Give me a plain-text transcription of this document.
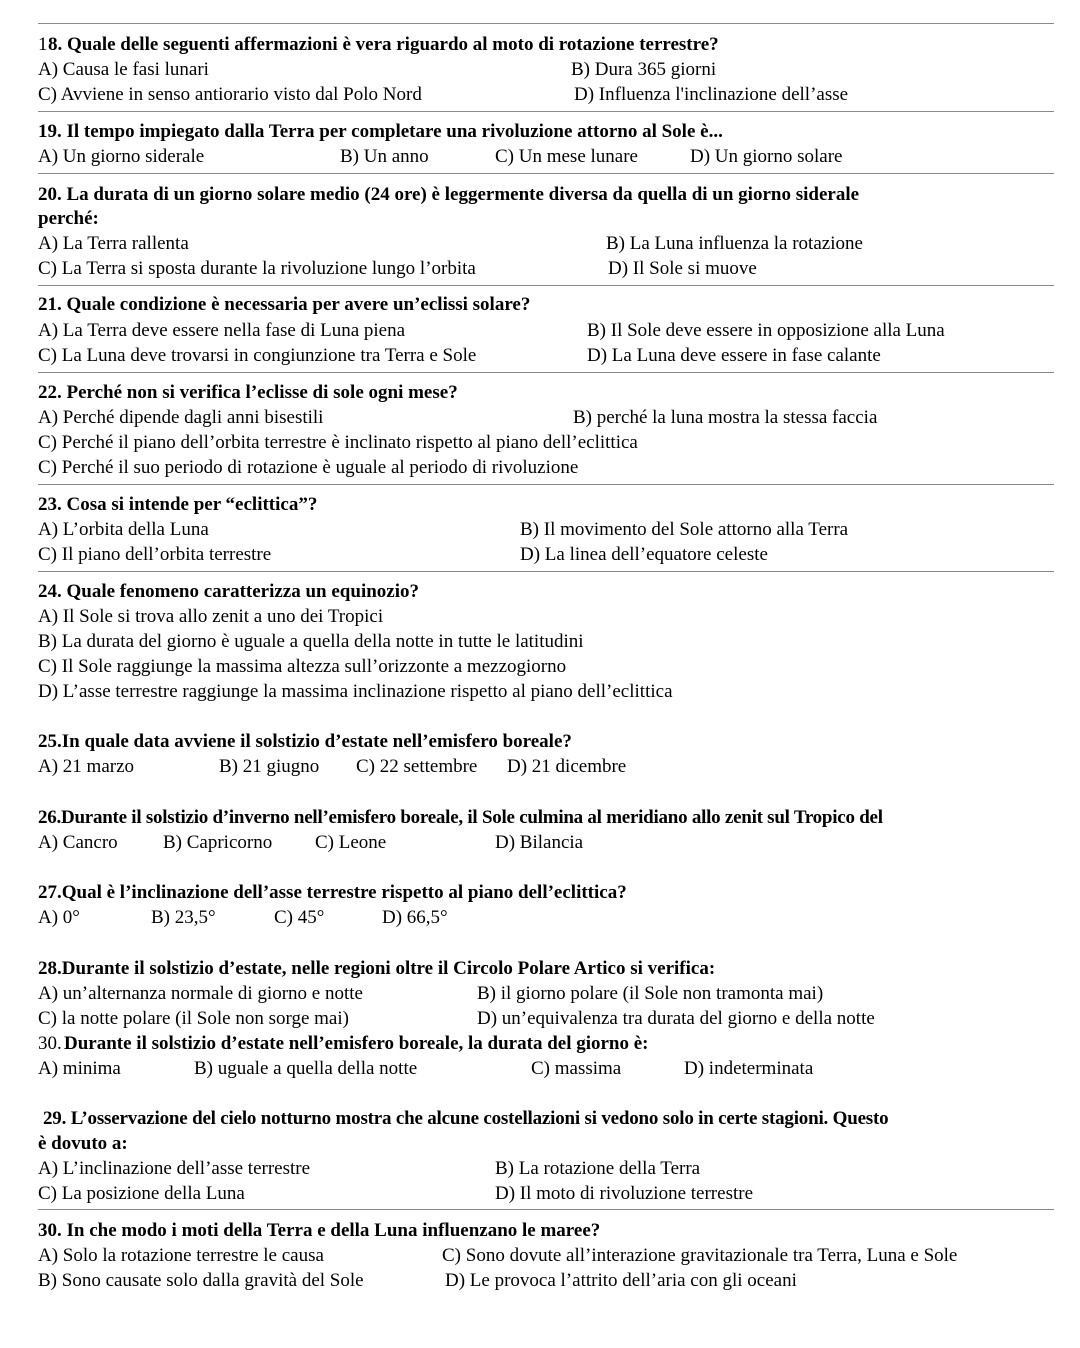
1 8. Quale delle seguenti affermazioni è vera riguardo al moto di rotazione terrestre?
A) Causa le fasi lunari	B) Dura 365 giorni
C) Avviene in senso antiorario visto dal Polo Nord	D) Influenza l'inclinazione dell’asse
19. Il tempo impiegato dalla Terra per completare una rivoluzione attorno al Sole è...
A) Un giorno siderale	B) Un anno	C) Un mese lunare	D) Un giorno solare
20. La durata di un giorno solare medio (24 ore) è leggermente diversa da quella di un giorno siderale
perché:
A) La Terra rallenta	B) La Luna influenza la rotazione
C) La Terra si sposta durante la rivoluzione lungo l’orbita	D) Il Sole si muove
21. Quale condizione è necessaria per avere un’eclissi solare?
A) La Terra deve essere nella fase di Luna piena	B) Il Sole deve essere in opposizione alla Luna
C) La Luna deve trovarsi in congiunzione tra Terra e Sole	D) La Luna deve essere in fase calante
22. Perché non si verifica l’eclisse di sole ogni mese?
A) Perché dipende dagli anni bisestili	B) perché la luna mostra la stessa faccia
C) Perché il piano dell’orbita terrestre è inclinato rispetto al piano dell’eclittica
C) Perché il suo periodo di rotazione è uguale al periodo di rivoluzione
23. Cosa si intende per “eclittica”?
A) L’orbita della Luna	B) Il movimento del Sole attorno alla Terra
C) Il piano dell’orbita terrestre	D) La linea dell’equatore celeste
24. Quale fenomeno caratterizza un equinozio?
A) Il Sole si trova allo zenit a uno dei Tropici
B) La durata del giorno è uguale a quella della notte in tutte le latitudini
C) Il Sole raggiunge la massima altezza sull’orizzonte a mezzogiorno
D) L’asse terrestre raggiunge la massima inclinazione rispetto al piano dell’eclittica
25.In quale data avviene il solstizio d’estate nell’emisfero boreale?
A) 21 marzo	B) 21 giugno C) 22 settembre D) 21 dicembre
26.Durante il solstizio d’inverno nell’emisfero boreale, il Sole culmina al meridiano allo zenit sul Tropico del
A) Cancro B) Capricorno C) Leone	D) Bilancia
27.Qual è l’inclinazione dell’asse terrestre rispetto al piano dell’eclittica?
A) 0°	B) 23,5°	C) 45°	D) 66,5°
28.Durante il solstizio d’estate, nelle regioni oltre il Circolo Polare Artico si verifica:
A) un’alternanza normale di giorno e notte	B) il giorno polare (il Sole non tramonta mai)
C) la notte polare (il Sole non sorge mai)	D) un’equivalenza tra durata del giorno e della notte
30. Durante il solstizio d’estate nell’emisfero boreale, la durata del giorno è:
A) minima	B) uguale a quella della notte	C) massima	D) indeterminata
29. L’osservazione del cielo notturno mostra che alcune costellazioni si vedono solo in certe stagioni. Questo
è dovuto a:
A) L’inclinazione dell’asse terrestre	B) La rotazione della Terra
C) La posizione della Luna	D) Il moto di rivoluzione terrestre
30. In che modo i moti della Terra e della Luna influenzano le maree?
A) Solo la rotazione terrestre le causa	C) Sono dovute all’interazione gravitazionale tra Terra, Luna e Sole
B) Sono causate solo dalla gravità del Sole	D) Le provoca l’attrito dell’aria con gli oceani
